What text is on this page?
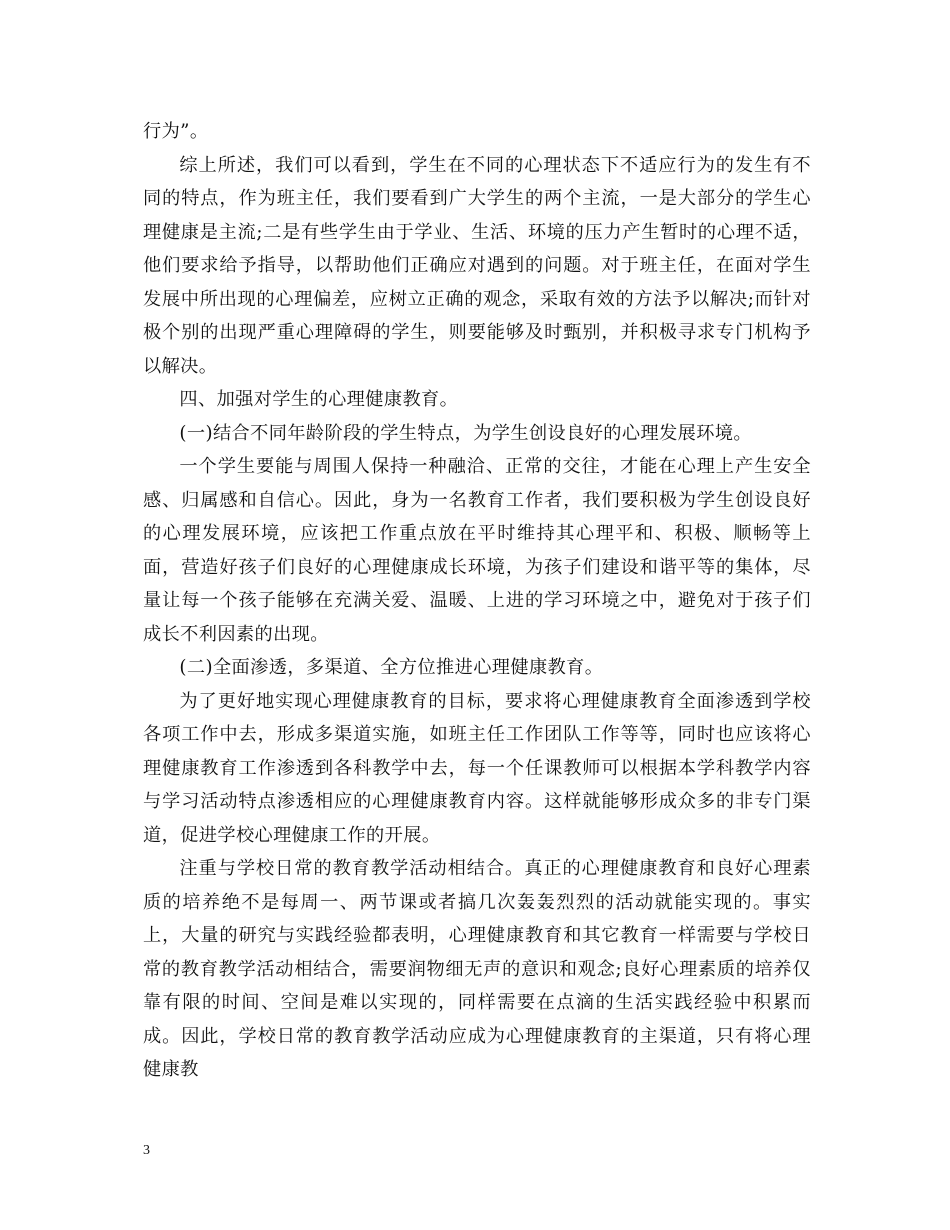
行为”。

综上所述，我们可以看到，学生在不同的心理状态下不适应行为的发生有不同的特点，作为班主任，我们要看到广大学生的两个主流，一是大部分的学生心理健康是主流;二是有些学生由于学业、生活、环境的压力产生暂时的心理不适，他们要求给予指导，以帮助他们正确应对遇到的问题。对于班主任，在面对学生发展中所出现的心理偏差，应树立正确的观念，采取有效的方法予以解决;而针对极个别的出现严重心理障碍的学生，则要能够及时甄别，并积极寻求专门机构予以解决。

四、加强对学生的心理健康教育。

(一)结合不同年龄阶段的学生特点，为学生创设良好的心理发展环境。

一个学生要能与周围人保持一种融洽、正常的交往，才能在心理上产生安全感、归属感和自信心。因此，身为一名教育工作者，我们要积极为学生创设良好的心理发展环境，应该把工作重点放在平时维持其心理平和、积极、顺畅等上面，营造好孩子们良好的心理健康成长环境，为孩子们建设和谐平等的集体，尽量让每一个孩子能够在充满关爱、温暖、上进的学习环境之中，避免对于孩子们成长不利因素的出现。

(二)全面渗透，多渠道、全方位推进心理健康教育。

为了更好地实现心理健康教育的目标，要求将心理健康教育全面渗透到学校各项工作中去，形成多渠道实施，如班主任工作团队工作等等，同时也应该将心理健康教育工作渗透到各科教学中去，每一个任课教师可以根据本学科教学内容与学习活动特点渗透相应的心理健康教育内容。这样就能够形成众多的非专门渠道，促进学校心理健康工作的开展。

注重与学校日常的教育教学活动相结合。真正的心理健康教育和良好心理素质的培养绝不是每周一、两节课或者搞几次轰轰烈烈的活动就能实现的。事实上，大量的研究与实践经验都表明，心理健康教育和其它教育一样需要与学校日常的教育教学活动相结合，需要润物细无声的意识和观念;良好心理素质的培养仅靠有限的时间、空间是难以实现的，同样需要在点滴的生活实践经验中积累而成。因此，学校日常的教育教学活动应成为心理健康教育的主渠道，只有将心理健康教

3
